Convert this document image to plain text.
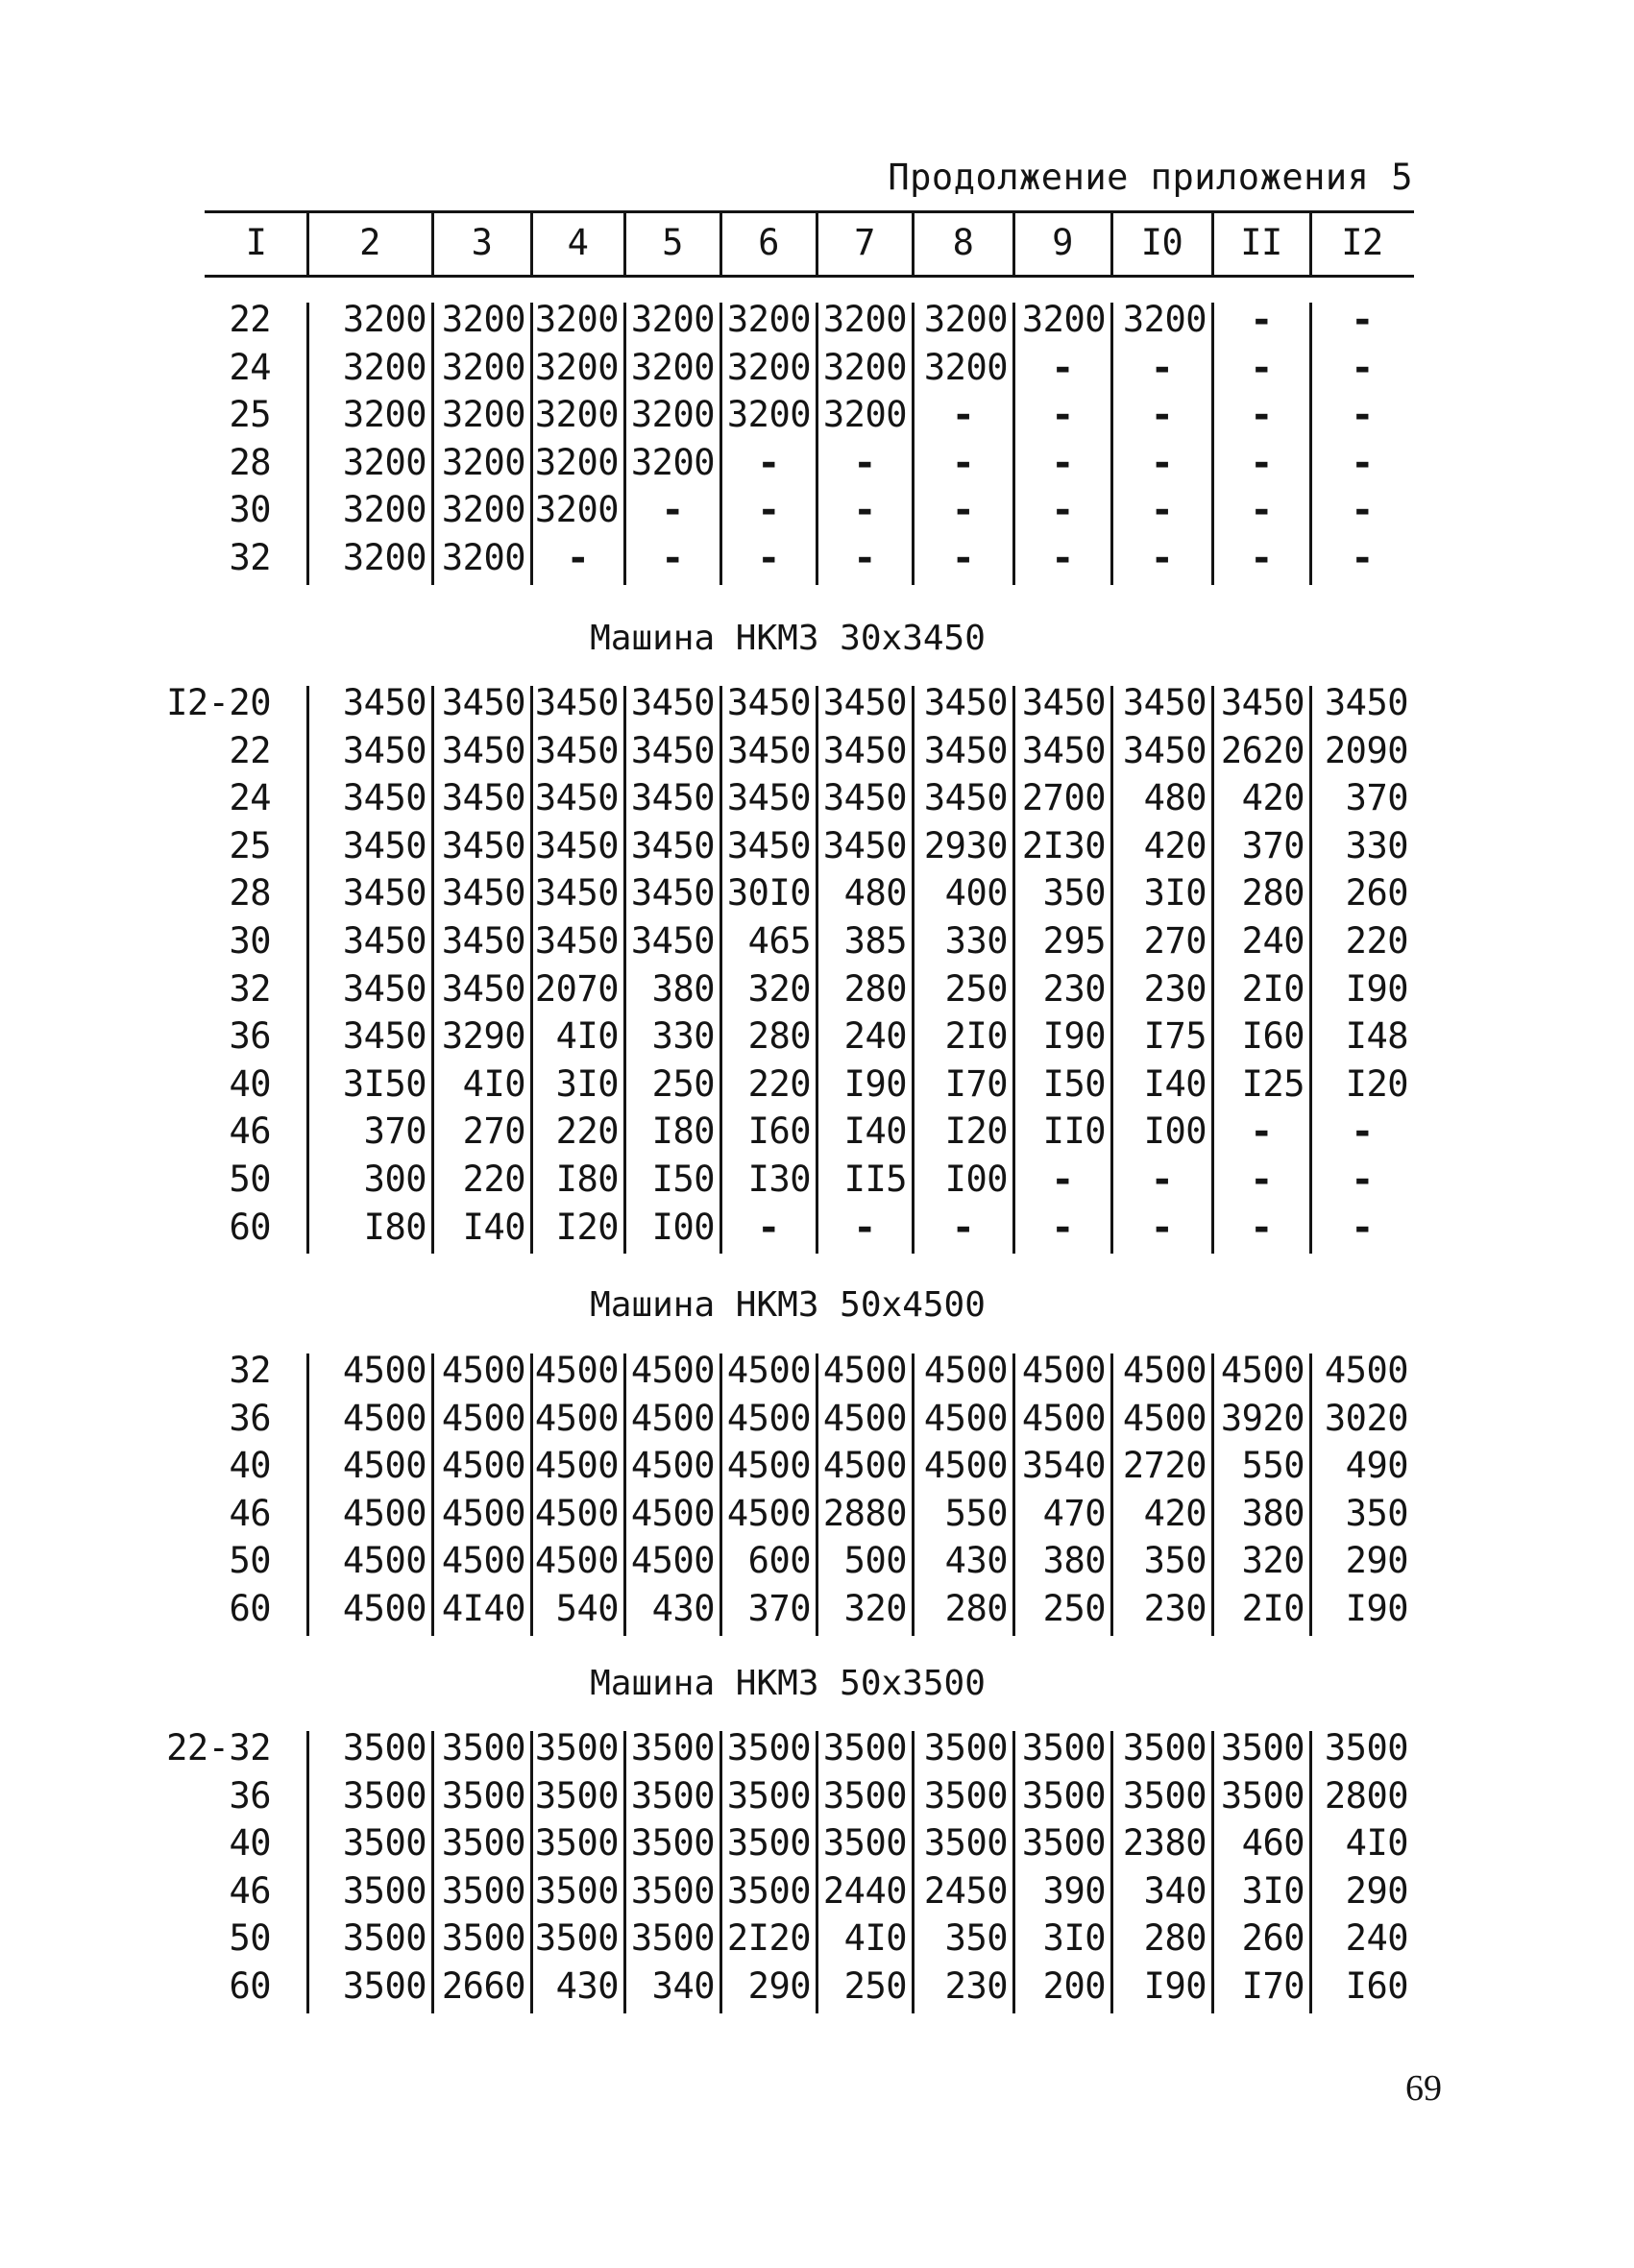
Продолжение приложения 5
I	2	3	4	5	6	7	8	9	I0	II	I2
22	3200 3200 3200 3200 3200 3200 3200 3200 3200	-	-
24	3200 3200 3200 3200 3200 3200 3200	-	-	-	-
25	3200 3200 3200 3200 3200 3200	-	-	-	-	-
28	3200 3200 3200 3200	-	-	-	-	-	-	-
30	3200 3200 3200	-	-	-	-	-	-	-	-
32	3200 3200	-	-	-	-	-	-	-	-	-
Машина НКМЗ 30х3450
I2-20	3450 3450 3450 3450 3450 3450 3450 3450 3450 3450 3450
22	3450 3450 3450 3450 3450 3450 3450 3450 3450 2620 2090
24	3450 3450 3450 3450 3450 3450 3450 2700	480 420	370
25	3450 3450 3450 3450 3450 3450 2930 2I30	420 370	330
28	3450 3450 3450 3450 30I0 480	400 350	3I0 280	260
30	3450 3450 3450 3450 465 385	330 295	270 240	220
32	3450 3450 2070 380 320 280	250 230	230 2I0	I90
36	3450 3290 4I0 330 280 240	2I0 I90	I75 I60	I48
40	3I50	4I0 3I0 250 220 I90	I70 I50	I40 I25	I20
46	370	270 220 I80 I60 I40	I20 II0	I00	-	-
50	300	220 I80 I50 I30 II5	I00	-	-	-	-
60	I80	I40 I20 I00	-	-	-	-	-	-	-
Машина НКМЗ 50х4500
32	4500 4500 4500 4500 4500 4500 4500 4500 4500 4500 4500
36	4500 4500 4500 4500 4500 4500 4500 4500 4500 3920 3020
40	4500 4500 4500 4500 4500 4500 4500 3540 2720 550	490
46	4500 4500 4500 4500 4500 2880	550 470	420 380	350
50	4500 4500 4500 4500 600 500	430 380	350 320	290
60	4500 4I40 540 430 370 320	280 250	230 2I0	I90
Машина НКМЗ 50х3500
22-32	3500 3500 3500 3500 3500 3500 3500 3500 3500 3500 3500
36	3500 3500 3500 3500 3500 3500 3500 3500 3500 3500 2800
40	3500 3500 3500 3500 3500 3500 3500 3500 2380 460	4I0
46	3500 3500 3500 3500 3500 2440 2450 390	340 3I0	290
50	3500 3500 3500 3500 2I20 4I0	350 3I0	280 260	240
60	3500 2660 430 340 290 250	230 200	I90 I70	I60
69
